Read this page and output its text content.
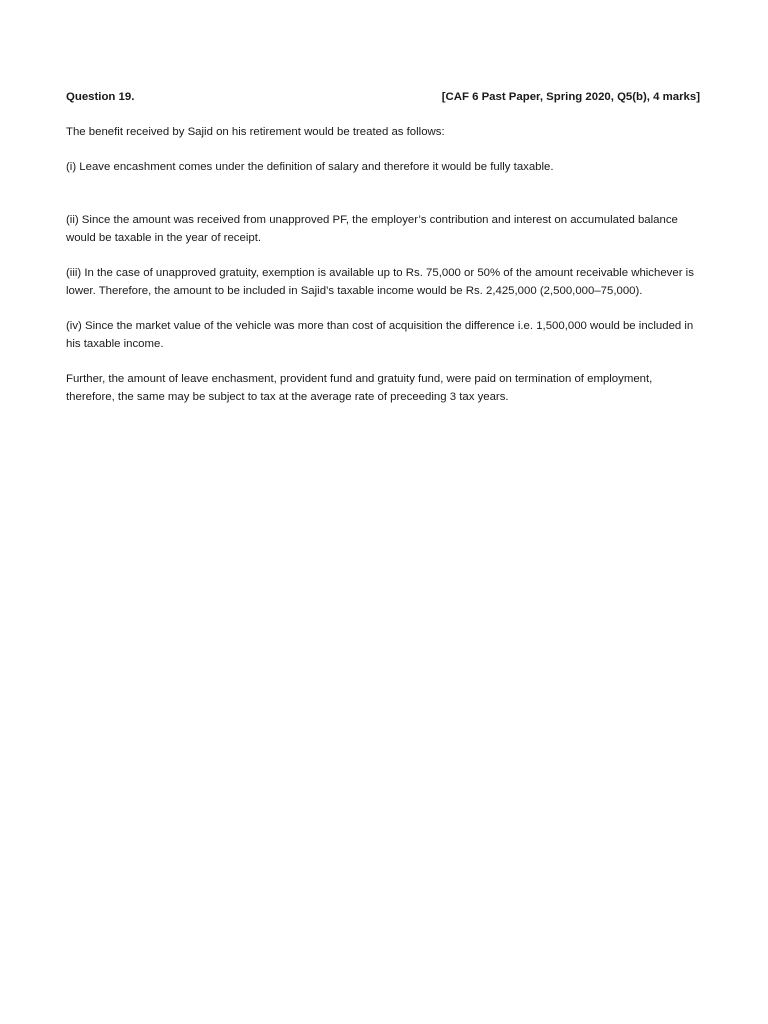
Question 19.	[CAF 6 Past Paper, Spring 2020, Q5(b), 4 marks]

The benefit received by Sajid on his retirement would be treated as follows:

(i) Leave encashment comes under the definition of salary and therefore it would be fully taxable.

(ii) Since the amount was received from unapproved PF, the employer’s contribution and interest on accumulated balance would be taxable in the year of receipt.

(iii) In the case of unapproved gratuity, exemption is available up to Rs. 75,000 or 50% of the amount receivable whichever is lower. Therefore, the amount to be included in Sajid’s taxable income would be Rs. 2,425,000 (2,500,000–75,000).

(iv) Since the market value of the vehicle was more than cost of acquisition the difference i.e. 1,500,000 would be included in his taxable income.

Further, the amount of leave enchasment, provident fund and gratuity fund, were paid on termination of employment, therefore, the same may be subject to tax at the average rate of preceeding 3 tax years.
